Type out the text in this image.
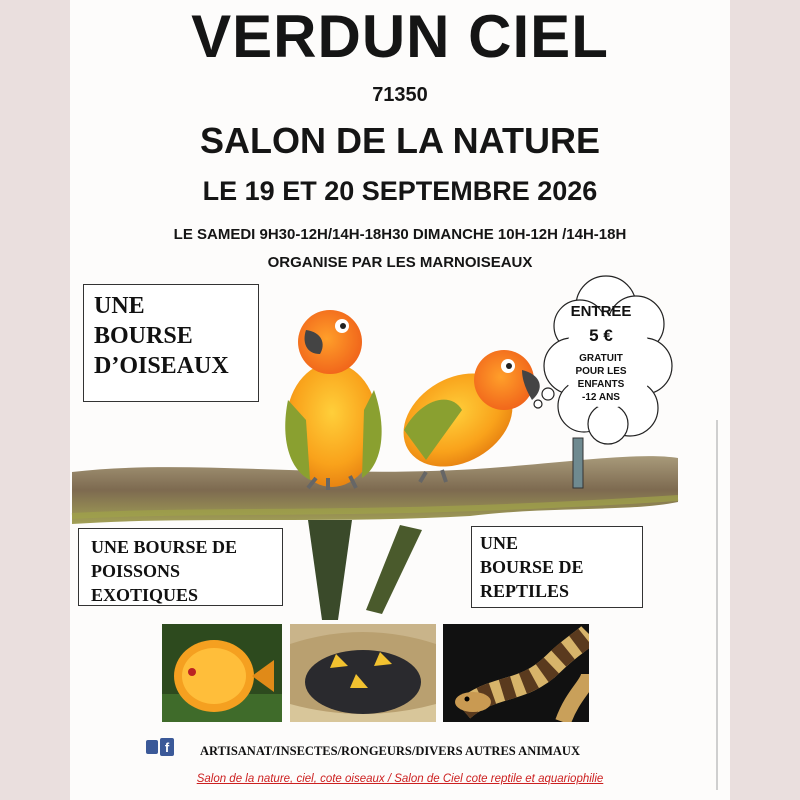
VERDUN CIEL
71350
SALON DE LA NATURE
LE 19 ET 20 SEPTEMBRE 2026
LE SAMEDI 9H30-12H/14H-18H30 DIMANCHE 10H-12H /14H-18H
ORGANISE PAR LES MARNOISEAUX
UNE
BOURSE
D’OISEAUX
ENTREE
5 €
GRATUIT
POUR LES
ENFANTS
-12 ANS
UNE BOURSE DE
POISSONS
EXOTIQUES
UNE
BOURSE DE
REPTILES
f ARTISANAT/INSECTES/RONGEURS/DIVERS AUTRES ANIMAUX
Salon de la nature, ciel, cote oiseaux / Salon de Ciel cote reptile et aquariophilie
